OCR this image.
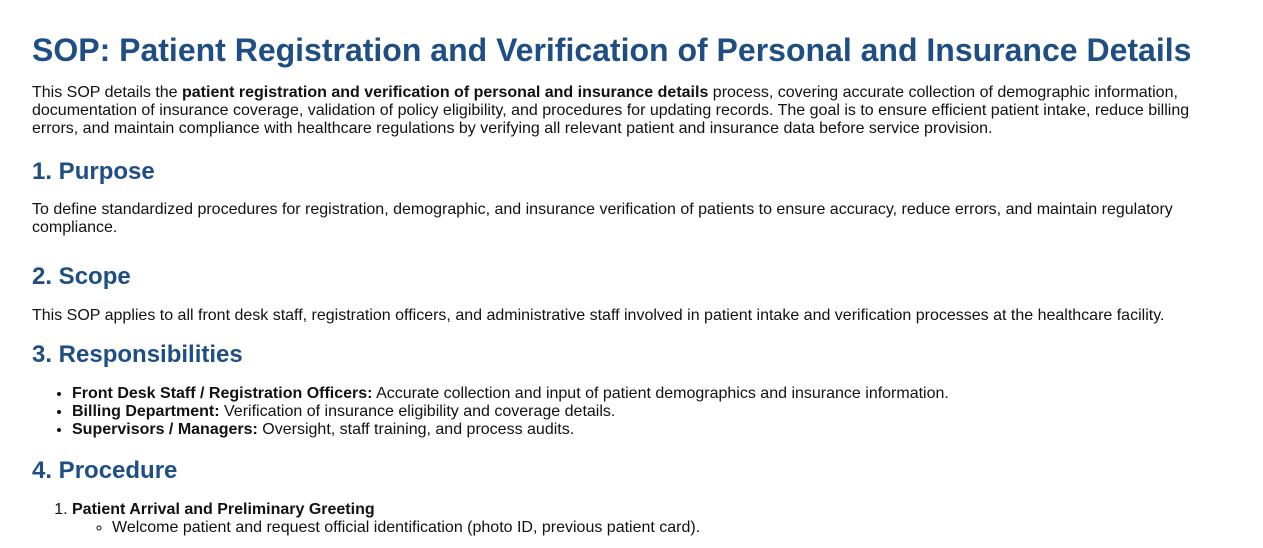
SOP: Patient Registration and Verification of Personal and Insurance Details

This SOP details the patient registration and verification of personal and insurance details process, covering accurate collection of demographic information, documentation of insurance coverage, validation of policy eligibility, and procedures for updating records. The goal is to ensure efficient patient intake, reduce billing errors, and maintain compliance with healthcare regulations by verifying all relevant patient and insurance data before service provision.

1. Purpose

To define standardized procedures for registration, demographic, and insurance verification of patients to ensure accuracy, reduce errors, and maintain regulatory compliance.

2. Scope

This SOP applies to all front desk staff, registration officers, and administrative staff involved in patient intake and verification processes at the healthcare facility.

3. Responsibilities
• Front Desk Staff / Registration Officers: Accurate collection and input of patient demographics and insurance information.
• Billing Department: Verification of insurance eligibility and coverage details.
• Supervisors / Managers: Oversight, staff training, and process audits.
4. Procedure
1. Patient Arrival and Preliminary Greeting
◦ Welcome patient and request official identification (photo ID, previous patient card).
